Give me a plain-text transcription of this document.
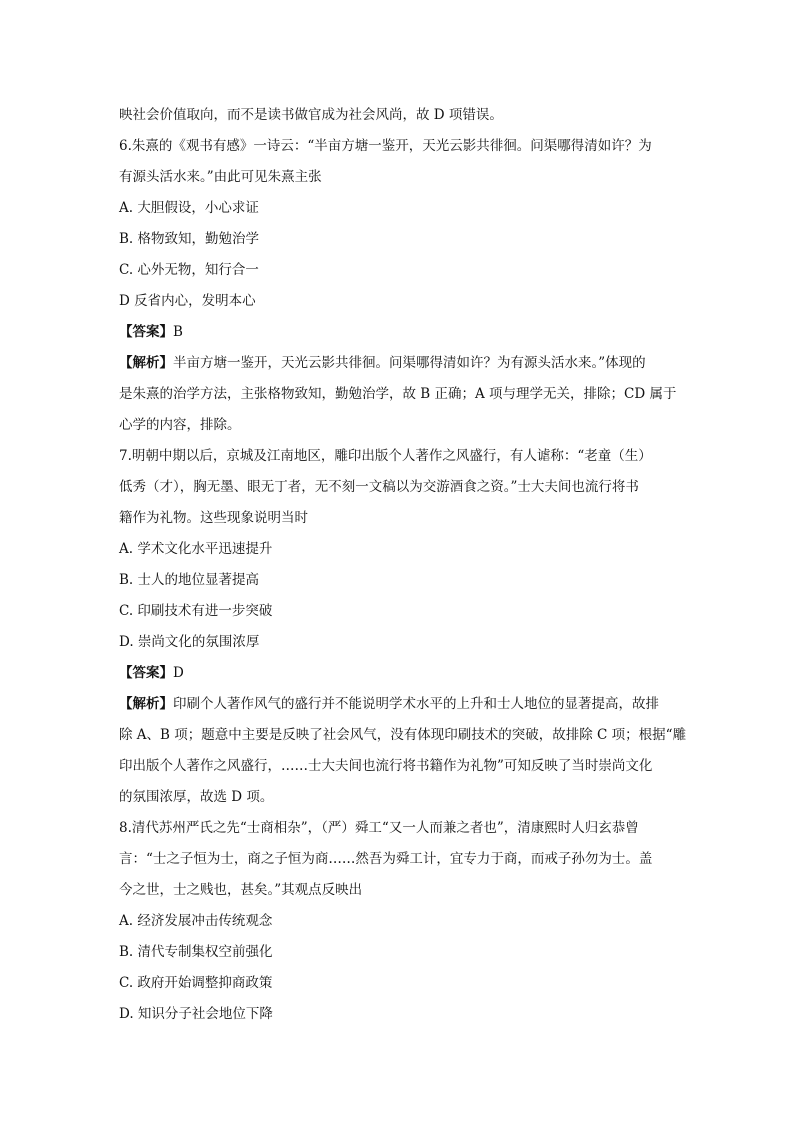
映社会价值取向，而不是读书做官成为社会风尚，故 D 项错误。
6.朱熹的《观书有感》一诗云：“半亩方塘一鉴开，天光云影共徘徊。问渠哪得清如许？为
有源头活水来。”由此可见朱熹主张
A. 大胆假设，小心求证
B. 格物致知，勤勉治学
C. 心外无物，知行合一
D 反省内心，发明本心
【答案】B
【解析】半亩方塘一鉴开，天光云影共徘徊。问渠哪得清如许？为有源头活水来。”体现的
是朱熹的治学方法，主张格物致知，勤勉治学，故 B 正确；A 项与理学无关，排除；CD 属于
心学的内容，排除。
7.明朝中期以后，京城及江南地区，雕印出版个人著作之风盛行，有人谑称：“老童（生）
低秀（才），胸无墨、眼无丁者，无不刻一文稿以为交游酒食之资。”士大夫间也流行将书
籍作为礼物。这些现象说明当时
A. 学术文化水平迅速提升
B. 士人的地位显著提高
C. 印刷技术有进一步突破
D. 崇尚文化的氛围浓厚
【答案】D
【解析】印刷个人著作风气的盛行并不能说明学术水平的上升和士人地位的显著提高，故排
除 A、B 项；题意中主要是反映了社会风气，没有体现印刷技术的突破，故排除 C 项；根据“雕
印出版个人著作之风盛行，……士大夫间也流行将书籍作为礼物”可知反映了当时崇尚文化
的氛围浓厚，故选 D 项。
8.清代苏州严氏之先“士商相杂”，（严）舜工“又一人而兼之者也”，清康熙时人归玄恭曾
言：“士之子恒为士，商之子恒为商……然吾为舜工计，宜专力于商，而戒子孙勿为士。盖
今之世，士之贱也，甚矣。”其观点反映出
A. 经济发展冲击传统观念
B. 清代专制集权空前强化
C. 政府开始调整抑商政策
D. 知识分子社会地位下降
